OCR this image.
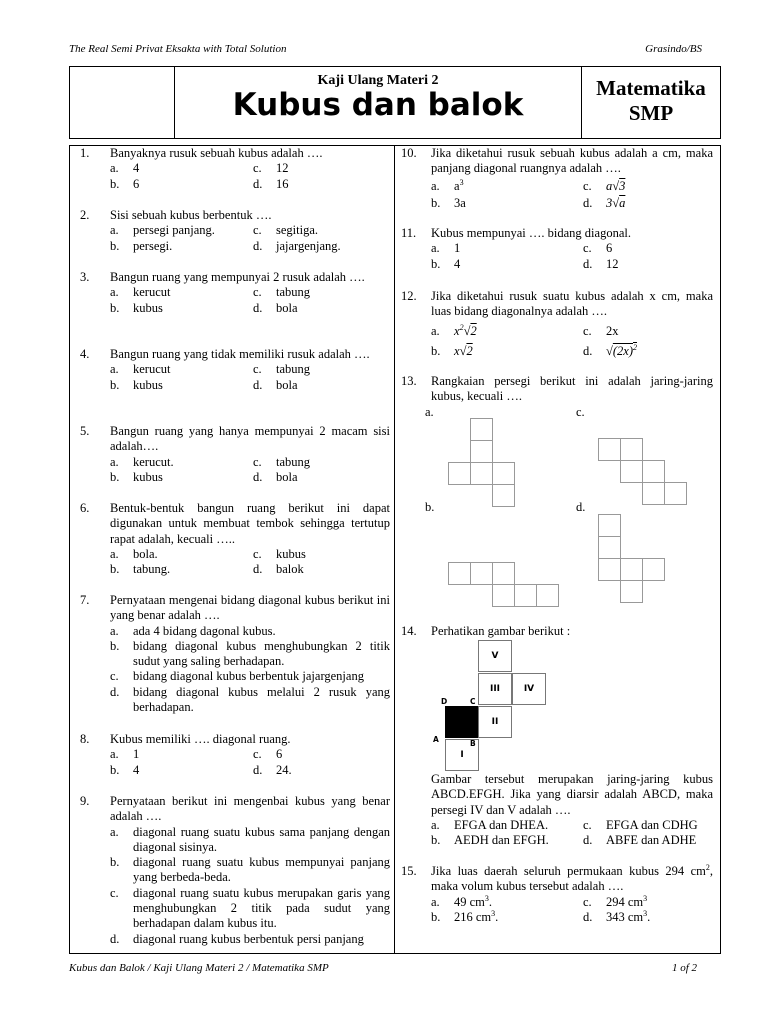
The Real Semi Privat Eksakta with Total Solution	Grasindo/BS
Kaji Ulang Materi 2
Kubus dan balok	Matematika
SMP
1.	Banyaknya rusuk sebuah kubus adalah ….
a.	4	c.	12
b.	6	d.	16
2.	Sisi sebuah kubus berbentuk ….
a.	persegi panjang.	c.	segitiga.
b.	persegi.	d.	jajargenjang.
3.	Bangun ruang yang mempunyai 2 rusuk adalah ….
a.	kerucut	c.	tabung
b.	kubus	d.	bola
4.	Bangun ruang yang tidak memiliki rusuk adalah ….
a.	kerucut	c.	tabung
b.	kubus	d.	bola
5.	Bangun ruang yang hanya mempunyai 2 macam sisi adalah….
a.	kerucut.	c.	tabung
b.	kubus	d.	bola
6.	Bentuk-bentuk bangun ruang berikut ini dapat digunakan untuk membuat tembok sehingga tertutup rapat adalah, kecuali …..
a.	bola.	c.	kubus
b.	tabung.	d.	balok
7.	Pernyataan mengenai bidang diagonal kubus berikut ini yang benar adalah ….
a.	ada 4 bidang dagonal kubus.
b.	bidang diagonal kubus menghubungkan 2 titik sudut yang saling berhadapan.
c.	bidang diagonal kubus berbentuk jajargenjang
d.	bidang diagonal kubus melalui 2 rusuk yang berhadapan.
8.	Kubus memiliki …. diagonal ruang.
a.	1	c.	6
b.	4	d.	24.
9.	Pernyataan berikut ini mengenbai kubus yang benar adalah ….
a.	diagonal ruang suatu kubus sama panjang dengan diagonal sisinya.
b.	diagonal ruang suatu kubus mempunyai panjang yang berbeda-beda.
c.	diagonal ruang suatu kubus merupakan garis yang menghubungkan 2 titik pada sudut yang berhadapan dalam kubus itu.
d.	diagonal ruang kubus berbentuk persi panjang
10.	Jika diketahui rusuk sebuah kubus adalah a cm, maka panjang diagonal ruangnya adalah ….
a.	$a^3$	c.	a√3
b.	3a	d.	3√a
11.	Kubus mempunyai …. bidang diagonal.
a.	1	c.	6
b.	4	d.	12
12.	Jika diketahui rusuk suatu kubus adalah x cm, maka luas bidang diagonalnya adalah ….
a.	$x^2√2$	c.	2x
b.	x√2	d.	$√(2x)^2$
13.	Rangkaian persegi berikut ini adalah jaring-jaring kubus, kecuali ….
a.	c.
b.	d.
14.	Perhatikan gambar berikut :
Gambar tersebut merupakan jaring-jaring kubus ABCD.EFGH. Jika yang diarsir adalah ABCD, maka persegi IV dan V adalah ….
a.	EFGA dan DHEA.	c.	EFGA dan CDHG
b.	AEDH dan EFGH.	d.	ABFE dan ADHE
15.	Jika luas daerah seluruh permukaan kubus 294 $cm^2$, maka volum kubus tersebut adalah ….
a.	49 $cm^3$.	c.	294 $cm^3$
b.	216 $cm^3$.	d.	343 $cm^3$.
V
III	IV
II
I
D	C
A	B
Kubus dan Balok / Kaji Ulang Materi 2 / Matematika SMP	1 of 2
